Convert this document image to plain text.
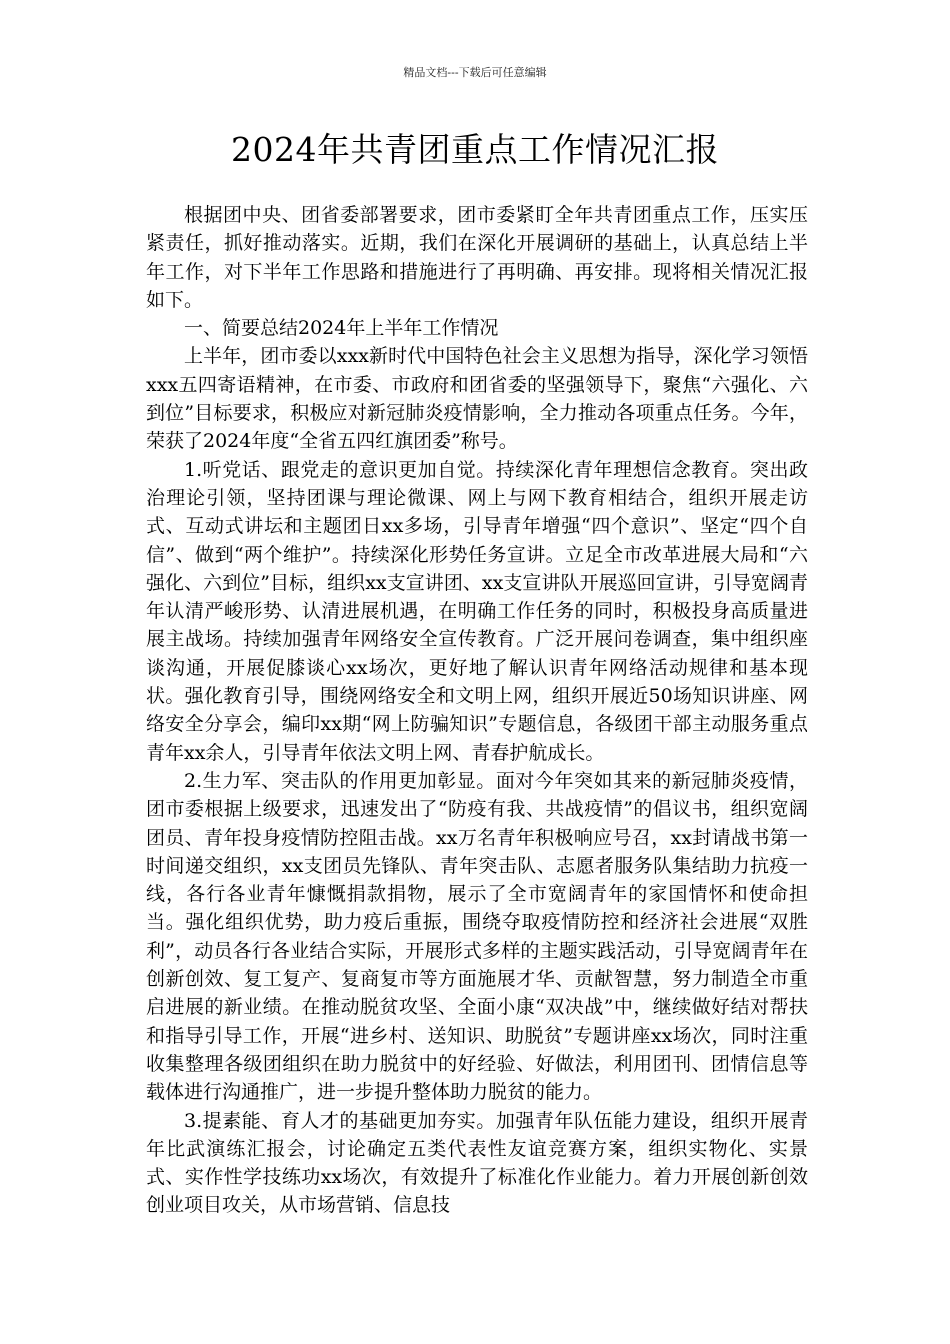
精品文档---下载后可任意编辑
2024年共青团重点工作情况汇报

根据团中央、团省委部署要求，团市委紧盯全年共青团重点工作，压实压紧责任，抓好推动落实。近期，我们在深化开展调研的基础上，认真总结上半年工作，对下半年工作思路和措施进行了再明确、再安排。现将相关情况汇报如下。

一、简要总结2024年上半年工作情况

上半年，团市委以xxx新时代中国特色社会主义思想为指导，深化学习领悟xxx五四寄语精神，在市委、市政府和团省委的坚强领导下，聚焦“六强化、六到位”目标要求，积极应对新冠肺炎疫情影响，全力推动各项重点任务。今年，荣获了2024年度“全省五四红旗团委”称号。

1.听党话、跟党走的意识更加自觉。持续深化青年理想信念教育。突出政治理论引领，坚持团课与理论微课、网上与网下教育相结合，组织开展走访式、互动式讲坛和主题团日xx多场，引导青年增强“四个意识”、坚定“四个自信”、做到“两个维护”。持续深化形势任务宣讲。立足全市改革进展大局和“六强化、六到位”目标，组织xx支宣讲团、xx支宣讲队开展巡回宣讲，引导宽阔青年认清严峻形势、认清进展机遇，在明确工作任务的同时，积极投身高质量进展主战场。持续加强青年网络安全宣传教育。广泛开展问卷调查，集中组织座谈沟通，开展促膝谈心xx场次，更好地了解认识青年网络活动规律和基本现状。强化教育引导，围绕网络安全和文明上网，组织开展近50场知识讲座、网络安全分享会，编印xx期“网上防骗知识”专题信息，各级团干部主动服务重点青年xx余人，引导青年依法文明上网、青春护航成长。

2.生力军、突击队的作用更加彰显。面对今年突如其来的新冠肺炎疫情，团市委根据上级要求，迅速发出了“防疫有我、共战疫情”的倡议书，组织宽阔团员、青年投身疫情防控阻击战。xx万名青年积极响应号召，xx封请战书第一时间递交组织，xx支团员先锋队、青年突击队、志愿者服务队集结助力抗疫一线，各行各业青年慷慨捐款捐物，展示了全市宽阔青年的家国情怀和使命担当。强化组织优势，助力疫后重振，围绕夺取疫情防控和经济社会进展“双胜利”，动员各行各业结合实际，开展形式多样的主题实践活动，引导宽阔青年在创新创效、复工复产、复商复市等方面施展才华、贡献智慧，努力制造全市重启进展的新业绩。在推动脱贫攻坚、全面小康“双决战”中，继续做好结对帮扶和指导引导工作，开展“进乡村、送知识、助脱贫”专题讲座xx场次，同时注重收集整理各级团组织在助力脱贫中的好经验、好做法，利用团刊、团情信息等载体进行沟通推广，进一步提升整体助力脱贫的能力。

3.提素能、育人才的基础更加夯实。加强青年队伍能力建设，组织开展青年比武演练汇报会，讨论确定五类代表性友谊竞赛方案，组织实物化、实景式、实作性学技练功xx场次，有效提升了标准化作业能力。着力开展创新创效创业项目攻关，从市场营销、信息技
